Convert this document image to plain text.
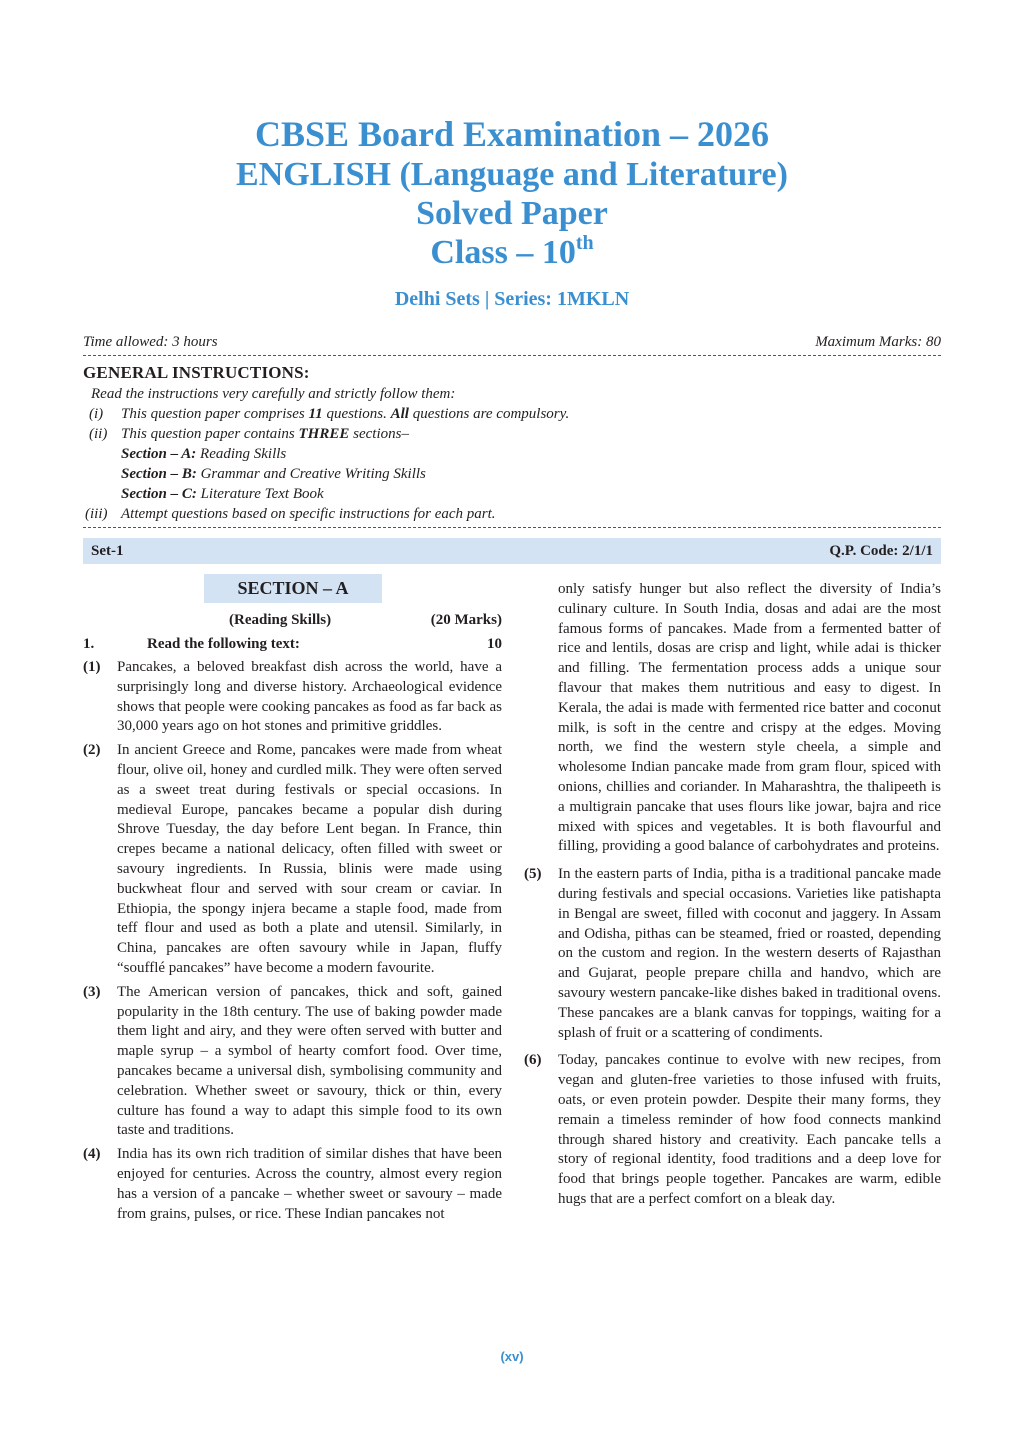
CBSE Board Examination – 2026
ENGLISH (Language and Literature)
Solved Paper
Class – 10th
Delhi Sets | Series: 1MKLN
Time allowed: 3 hours	Maximum Marks: 80
GENERAL INSTRUCTIONS:
Read the instructions very carefully and strictly follow them:
(i)	This question paper comprises 11 questions. All questions are compulsory.
(ii) This question paper contains THREE sections–
Section – A: Reading Skills
Section – B: Grammar and Creative Writing Skills
Section – C: Literature Text Book
(iii) Attempt questions based on specific instructions for each part.
Set-1	Q.P. Code: 2/1/1
SECTION – A
(Reading Skills)	(20 Marks)
1.	Read the following text:	10
(1) Pancakes, a beloved breakfast dish across the world, have a surprisingly long and diverse history. Archaeological evidence shows that people were cooking pancakes as food as far back as 30,000 years ago on hot stones and primitive griddles.
(2) In ancient Greece and Rome, pancakes were made from wheat flour, olive oil, honey and curdled milk. They were often served as a sweet treat during festivals or special occasions. In medieval Europe, pancakes became a popular dish during Shrove Tuesday, the day before Lent began. In France, thin crepes became a national delicacy, often filled with sweet or savoury ingredients. In Russia, blinis were made using buckwheat flour and served with sour cream or caviar. In Ethiopia, the spongy injera became a staple food, made from teff flour and used as both a plate and utensil. Similarly, in China, pancakes are often savoury while in Japan, fluffy “soufflé pancakes” have become a modern favourite.
(3) The American version of pancakes, thick and soft, gained popularity in the 18th century. The use of baking powder made them light and airy, and they were often served with butter and maple syrup – a symbol of hearty comfort food. Over time, pancakes became a universal dish, symbolising community and celebration. Whether sweet or savoury, thick or thin, every culture has found a way to adapt this simple food to its own taste and traditions.
(4) India has its own rich tradition of similar dishes that have been enjoyed for centuries. Across the country, almost every region has a version of a pancake – whether sweet or savoury – made from grains, pulses, or rice. These Indian pancakes not
only satisfy hunger but also reflect the diversity of India’s culinary culture. In South India, dosas and adai are the most famous forms of pancakes. Made from a fermented batter of rice and lentils, dosas are crisp and light, while adai is thicker and filling. The fermentation process adds a unique sour flavour that makes them nutritious and easy to digest. In Kerala, the adai is made with fermented rice batter and coconut milk, is soft in the centre and crispy at the edges. Moving north, we find the western style cheela, a simple and wholesome Indian pancake made from gram flour, spiced with onions, chillies and coriander. In Maharashtra, the thalipeeth is a multigrain pancake that uses flours like jowar, bajra and rice mixed with spices and vegetables. It is both flavourful and filling, providing a good balance of carbohydrates and proteins.
(5) In the eastern parts of India, pitha is a traditional pancake made during festivals and special occasions. Varieties like patishapta in Bengal are sweet, filled with coconut and jaggery. In Assam and Odisha, pithas can be steamed, fried or roasted, depending on the custom and region. In the western deserts of Rajasthan and Gujarat, people prepare chilla and handvo, which are savoury western pancake-like dishes baked in traditional ovens. These pancakes are a blank canvas for toppings, waiting for a splash of fruit or a scattering of condiments.
(6) Today, pancakes continue to evolve with new recipes, from vegan and gluten-free varieties to those infused with fruits, oats, or even protein powder. Despite their many forms, they remain a timeless reminder of how food connects mankind through shared history and creativity. Each pancake tells a story of regional identity, food traditions and a deep love for food that brings people together. Pancakes are warm, edible hugs that are a perfect comfort on a bleak day.
(xv)
